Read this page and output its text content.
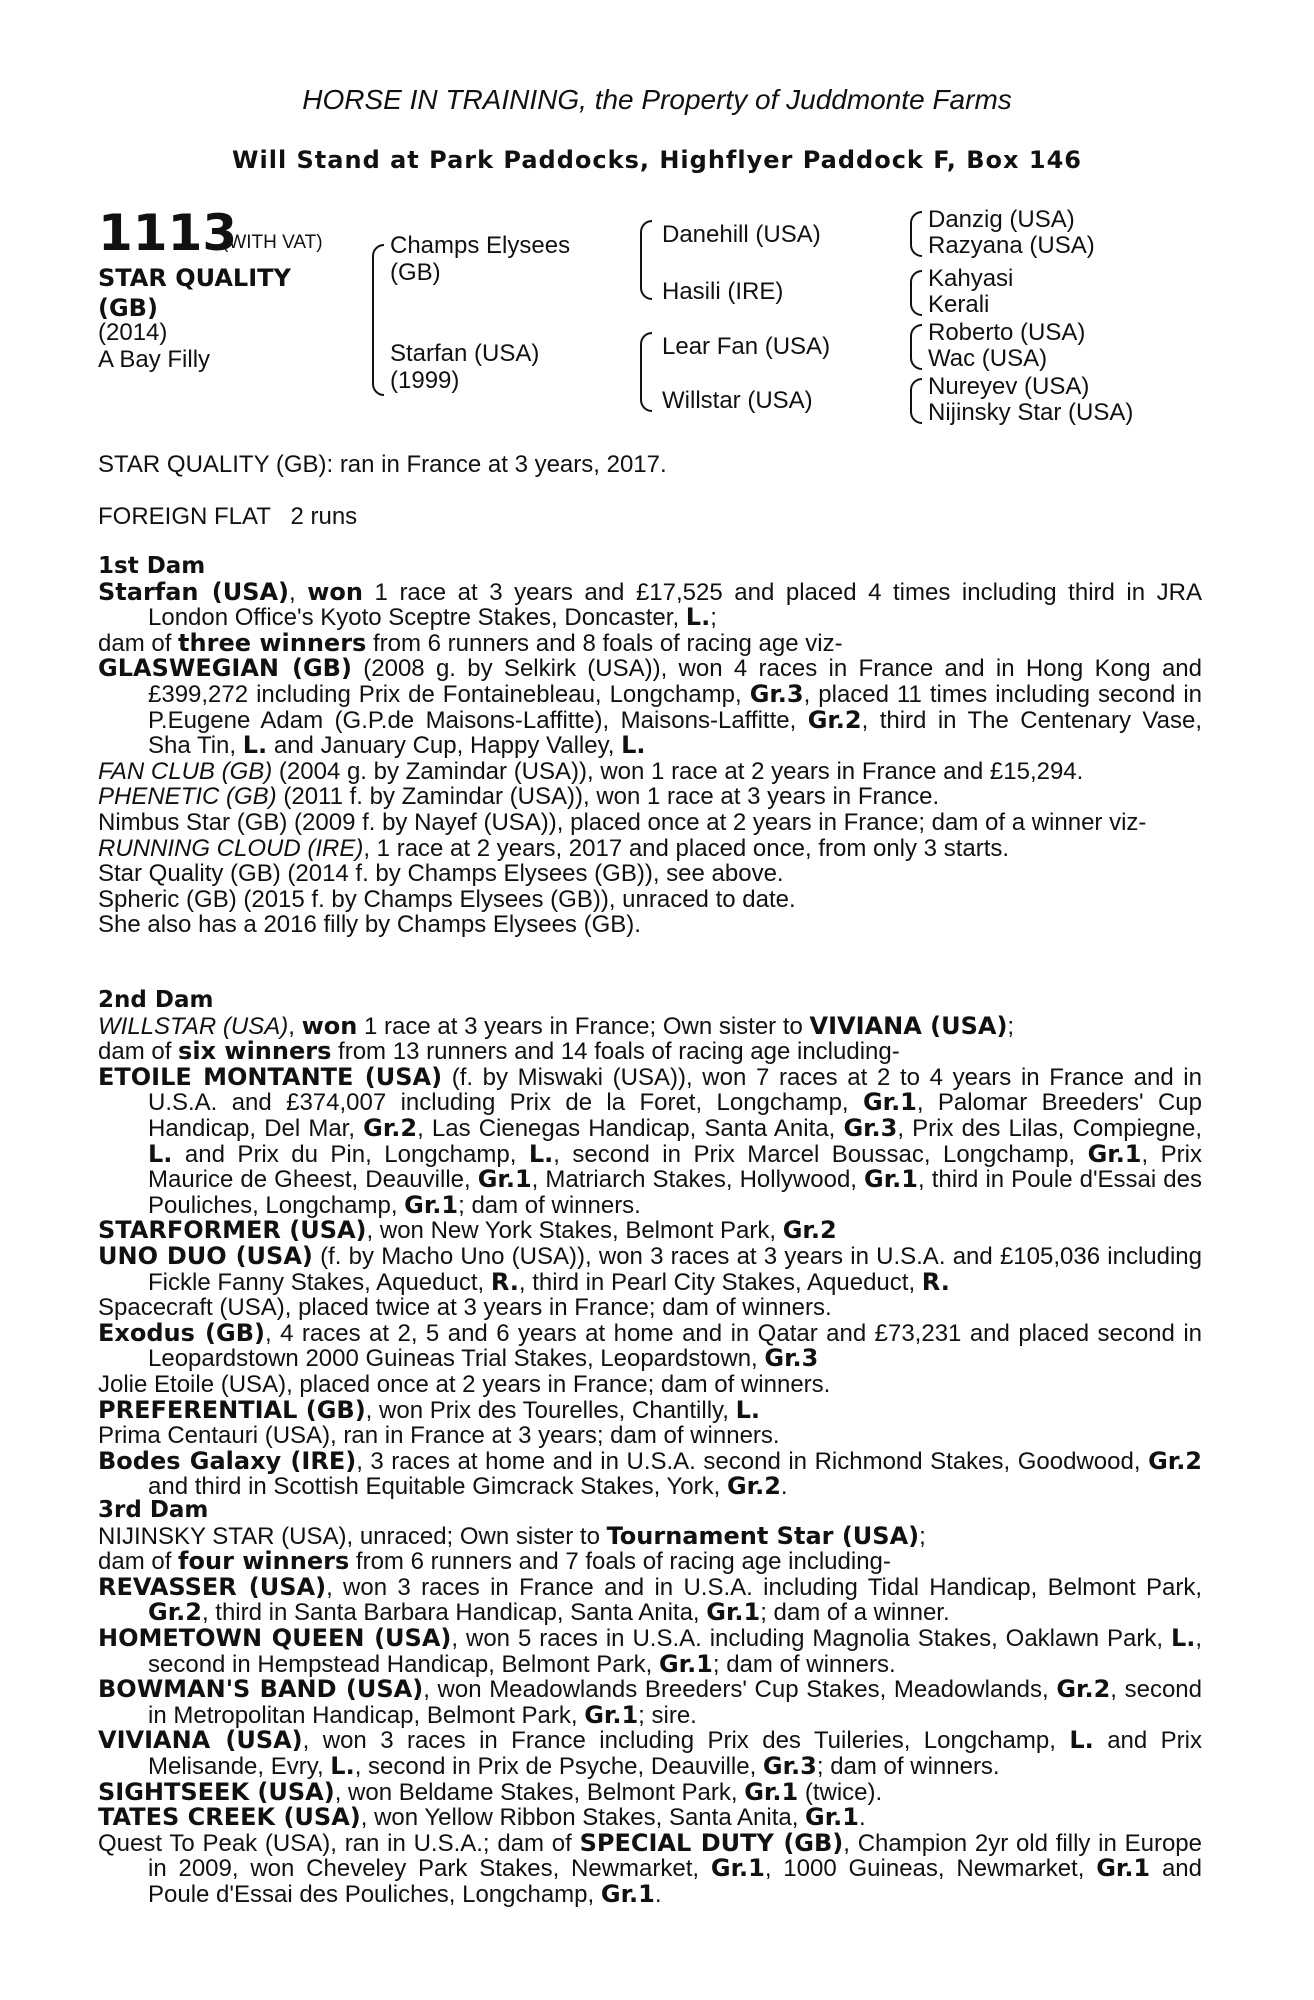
HORSE IN TRAINING, the Property of Juddmonte Farms
Will Stand at Park Paddocks, Highflyer Paddock F, Box 146
1113
(WITH VAT)
STAR QUALITY (GB)
(2014)
A Bay Filly
Champs Elysees (GB)
Starfan (USA) (1999)
Danehill (USA)
Hasili (IRE)
Lear Fan (USA)
Willstar (USA)
Danzig (USA)
Razyana (USA)
Kahyasi
Kerali
Roberto (USA)
Wac (USA)
Nureyev (USA)
Nijinsky Star (USA)

STAR QUALITY (GB): ran in France at 3 years, 2017.

FOREIGN FLAT   2 runs

1st Dam

Starfan (USA), won 1 race at 3 years and £17,525 and placed 4 times including third in JRA London Office's Kyoto Sceptre Stakes, Doncaster, L.;

dam of three winners from 6 runners and 8 foals of racing age viz-

GLASWEGIAN (GB) (2008 g. by Selkirk (USA)), won 4 races in France and in Hong Kong and £399,272 including Prix de Fontainebleau, Longchamp, Gr.3, placed 11 times including second in P.Eugene Adam (G.P.de Maisons-Laffitte), Maisons-Laffitte, Gr.2, third in The Centenary Vase, Sha Tin, L. and January Cup, Happy Valley, L.

FAN CLUB (GB) (2004 g. by Zamindar (USA)), won 1 race at 2 years in France and £15,294.

PHENETIC (GB) (2011 f. by Zamindar (USA)), won 1 race at 3 years in France.

Nimbus Star (GB) (2009 f. by Nayef (USA)), placed once at 2 years in France; dam of a winner viz-

RUNNING CLOUD (IRE), 1 race at 2 years, 2017 and placed once, from only 3 starts.

Star Quality (GB) (2014 f. by Champs Elysees (GB)), see above.

Spheric (GB) (2015 f. by Champs Elysees (GB)), unraced to date.

She also has a 2016 filly by Champs Elysees (GB).

2nd Dam

WILLSTAR (USA), won 1 race at 3 years in France; Own sister to VIVIANA (USA);

dam of six winners from 13 runners and 14 foals of racing age including-

ETOILE MONTANTE (USA) (f. by Miswaki (USA)), won 7 races at 2 to 4 years in France and in U.S.A. and £374,007 including Prix de la Foret, Longchamp, Gr.1, Palomar Breeders' Cup Handicap, Del Mar, Gr.2, Las Cienegas Handicap, Santa Anita, Gr.3, Prix des Lilas, Compiegne, L. and Prix du Pin, Longchamp, L., second in Prix Marcel Boussac, Longchamp, Gr.1, Prix Maurice de Gheest, Deauville, Gr.1, Matriarch Stakes, Hollywood, Gr.1, third in Poule d'Essai des Pouliches, Longchamp, Gr.1; dam of winners.

STARFORMER (USA), won New York Stakes, Belmont Park, Gr.2

UNO DUO (USA) (f. by Macho Uno (USA)), won 3 races at 3 years in U.S.A. and £105,036 including Fickle Fanny Stakes, Aqueduct, R., third in Pearl City Stakes, Aqueduct, R.

Spacecraft (USA), placed twice at 3 years in France; dam of winners.

Exodus (GB), 4 races at 2, 5 and 6 years at home and in Qatar and £73,231 and placed second in Leopardstown 2000 Guineas Trial Stakes, Leopardstown, Gr.3

Jolie Etoile (USA), placed once at 2 years in France; dam of winners.

PREFERENTIAL (GB), won Prix des Tourelles, Chantilly, L.

Prima Centauri (USA), ran in France at 3 years; dam of winners.

Bodes Galaxy (IRE), 3 races at home and in U.S.A. second in Richmond Stakes, Goodwood, Gr.2 and third in Scottish Equitable Gimcrack Stakes, York, Gr.2.

3rd Dam

NIJINSKY STAR (USA), unraced; Own sister to Tournament Star (USA);

dam of four winners from 6 runners and 7 foals of racing age including-

REVASSER (USA), won 3 races in France and in U.S.A. including Tidal Handicap, Belmont Park, Gr.2, third in Santa Barbara Handicap, Santa Anita, Gr.1; dam of a winner.

HOMETOWN QUEEN (USA), won 5 races in U.S.A. including Magnolia Stakes, Oaklawn Park, L., second in Hempstead Handicap, Belmont Park, Gr.1; dam of winners.

BOWMAN'S BAND (USA), won Meadowlands Breeders' Cup Stakes, Meadowlands, Gr.2, second in Metropolitan Handicap, Belmont Park, Gr.1; sire.

VIVIANA (USA), won 3 races in France including Prix des Tuileries, Longchamp, L. and Prix Melisande, Evry, L., second in Prix de Psyche, Deauville, Gr.3; dam of winners.

SIGHTSEEK (USA), won Beldame Stakes, Belmont Park, Gr.1 (twice).

TATES CREEK (USA), won Yellow Ribbon Stakes, Santa Anita, Gr.1.

Quest To Peak (USA), ran in U.S.A.; dam of SPECIAL DUTY (GB), Champion 2yr old filly in Europe in 2009, won Cheveley Park Stakes, Newmarket, Gr.1, 1000 Guineas, Newmarket, Gr.1 and Poule d'Essai des Pouliches, Longchamp, Gr.1.
